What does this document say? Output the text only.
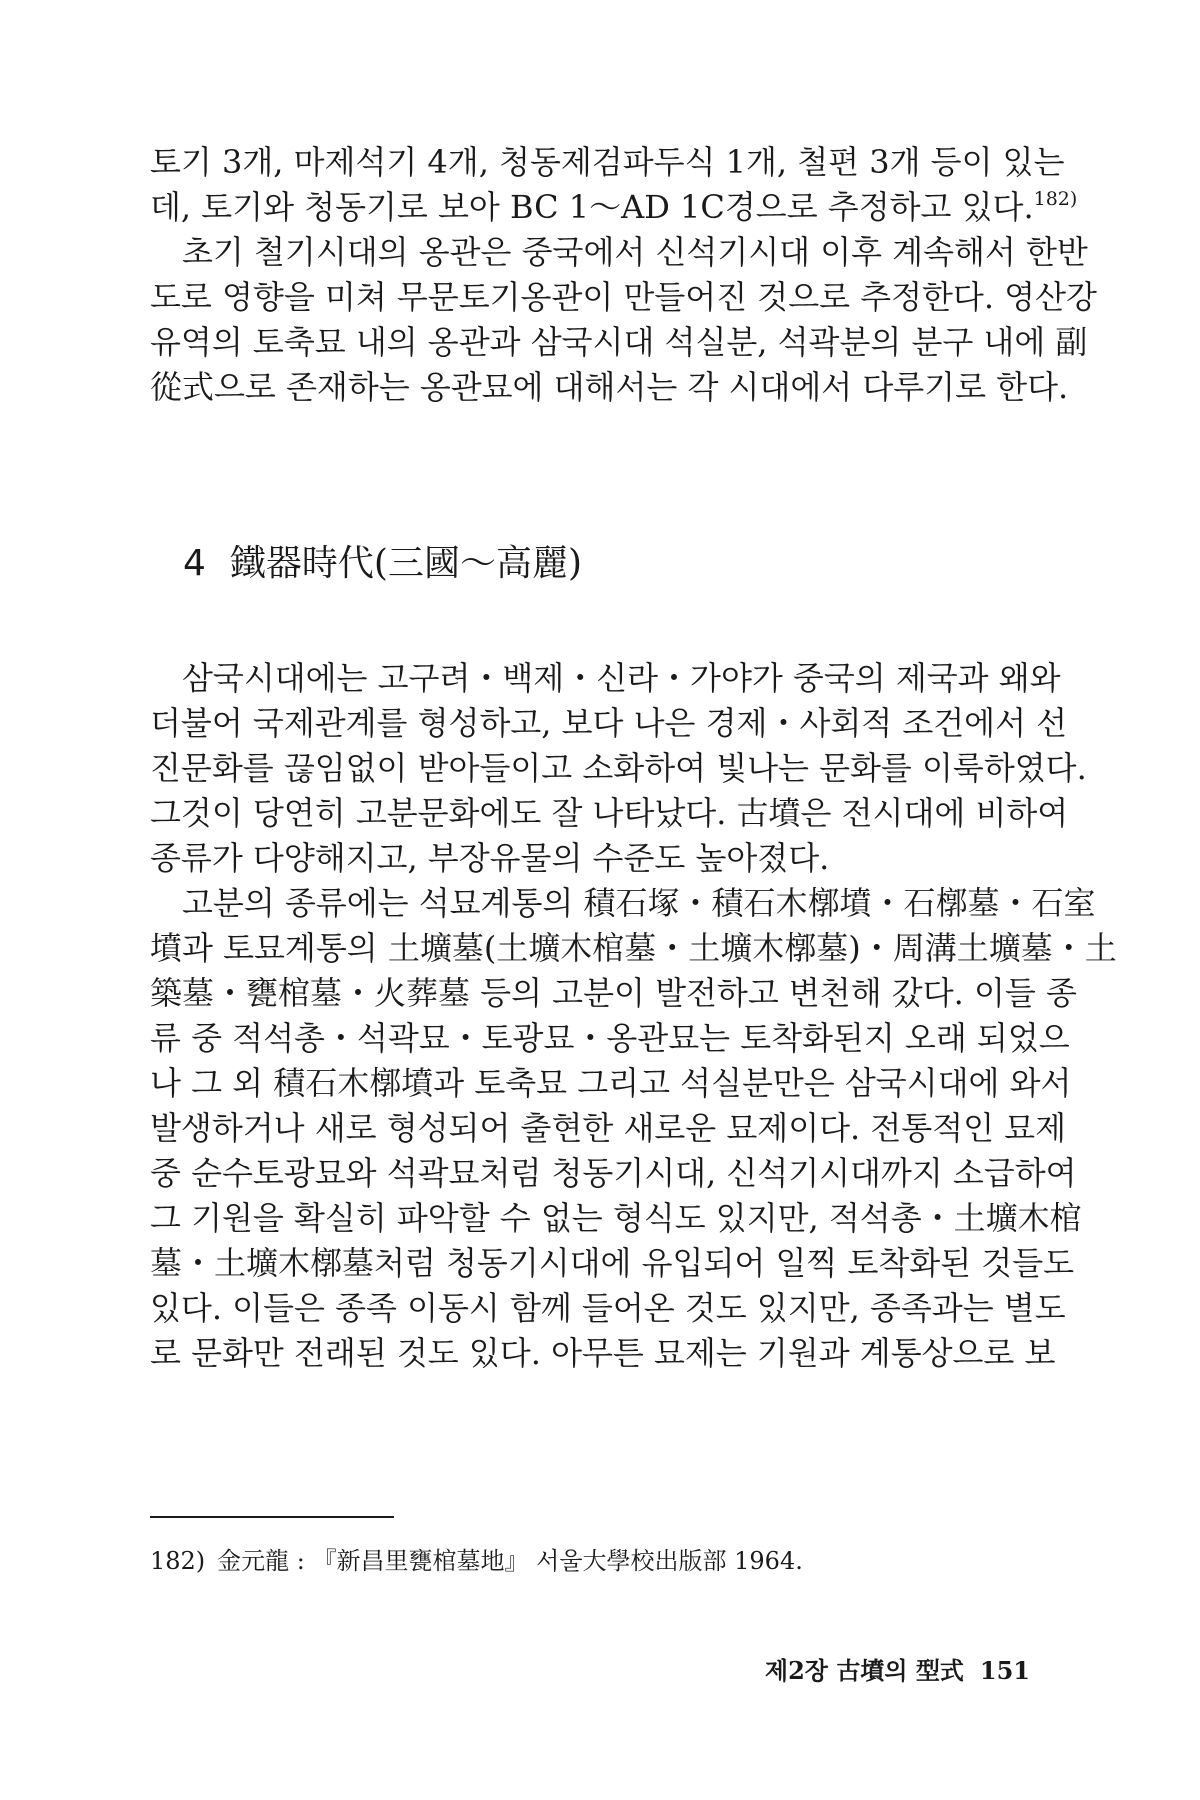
토기 3개, 마제석기 4개, 청동제검파두식 1개, 철편 3개 등이 있는
데, 토기와 청동기로 보아 BC 1～AD 1C경으로 추정하고 있다.$^{182)}$
초기 철기시대의 옹관은 중국에서 신석기시대 이후 계속해서 한반
도로 영향을 미쳐 무문토기옹관이 만들어진 것으로 추정한다. 영산강
유역의 토축묘 내의 옹관과 삼국시대 석실분, 석곽분의 분구 내에 副
從式으로 존재하는 옹관묘에 대해서는 각 시대에서 다루기로 한다.
4 鐵器時代(三國～高麗)
삼국시대에는 고구려・백제・신라・가야가 중국의 제국과 왜와
더불어 국제관계를 형성하고, 보다 나은 경제・사회적 조건에서 선
진문화를 끊임없이 받아들이고 소화하여 빛나는 문화를 이룩하였다.
그것이 당연히 고분문화에도 잘 나타났다. 古墳은 전시대에 비하여
종류가 다양해지고, 부장유물의 수준도 높아졌다.
고분의 종류에는 석묘계통의 積石塚・積石木槨墳・石槨墓・石室
墳과 토묘계통의 土壙墓(土壙木棺墓・土壙木槨墓)・周溝土壙墓・土
築墓・甕棺墓・火葬墓 등의 고분이 발전하고 변천해 갔다. 이들 종
류 중 적석총・석곽묘・토광묘・옹관묘는 토착화된지 오래 되었으
나 그 외 積石木槨墳과 토축묘 그리고 석실분만은 삼국시대에 와서
발생하거나 새로 형성되어 출현한 새로운 묘제이다. 전통적인 묘제
중 순수토광묘와 석곽묘처럼 청동기시대, 신석기시대까지 소급하여
그 기원을 확실히 파악할 수 없는 형식도 있지만, 적석총・土壙木棺
墓・土壙木槨墓처럼 청동기시대에 유입되어 일찍 토착화된 것들도
있다. 이들은 종족 이동시 함께 들어온 것도 있지만, 종족과는 별도
로 문화만 전래된 것도 있다. 아무튼 묘제는 기원과 계통상으로 보

182) 金元龍 : 『新昌里甕棺墓地』 서울大學校出版部 1964.

제2장 古墳의 型式 151
